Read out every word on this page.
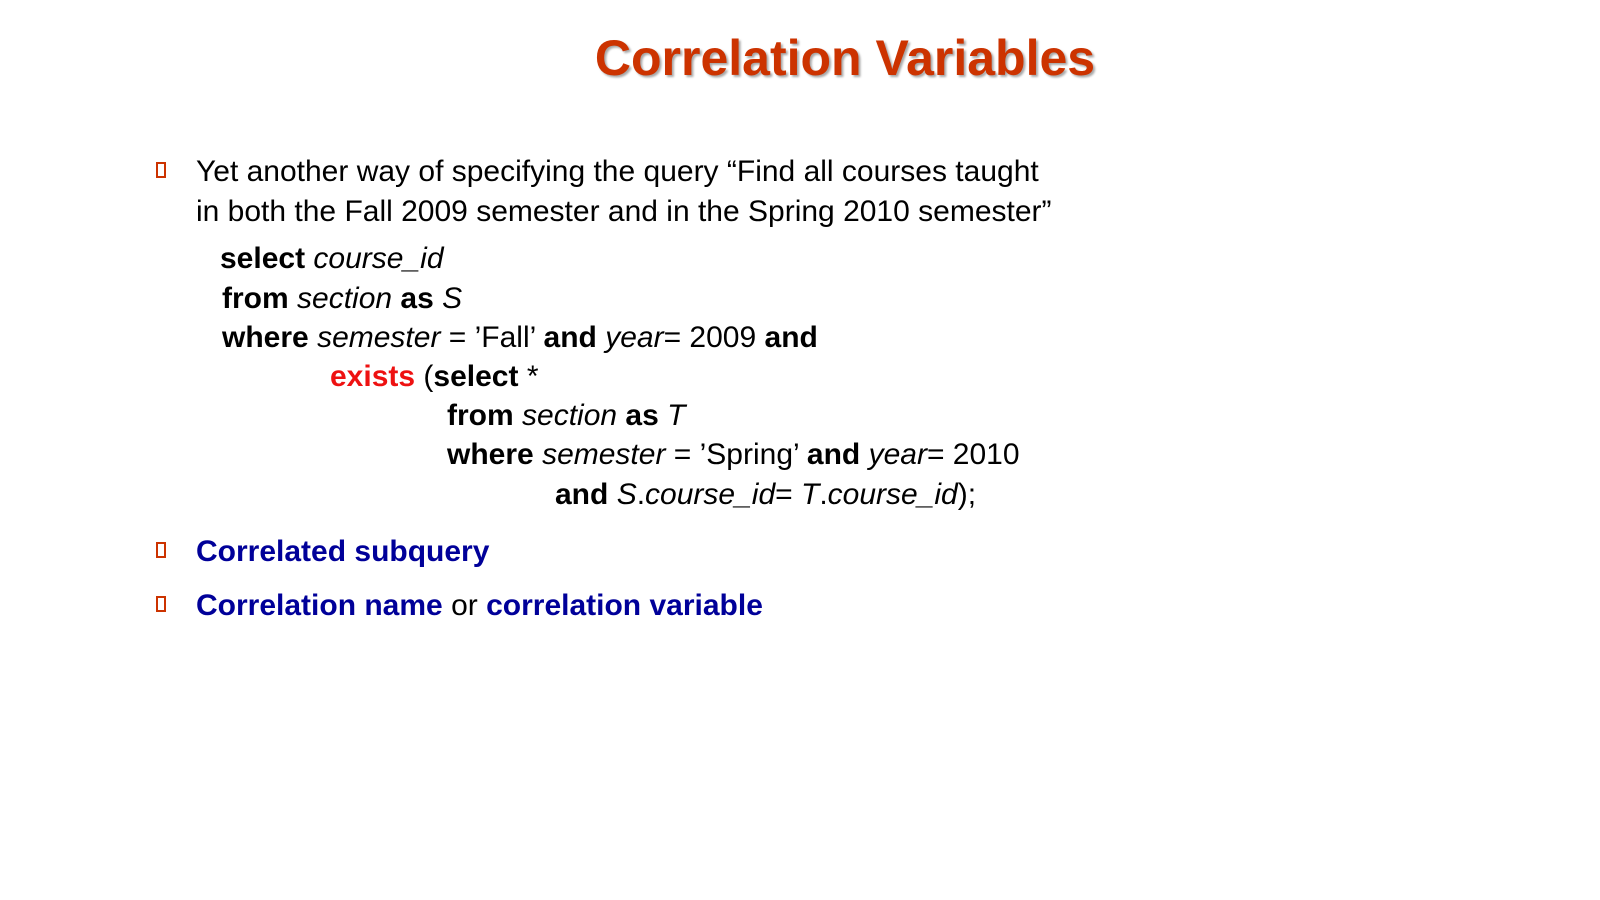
Correlation Variables
Yet another way of specifying the query “Find all courses taught
in both the Fall 2009 semester and in the Spring 2010 semester”
select course_id
from section as S
where semester = ’Fall’ and year= 2009 and
exists (select *
from section as T
where semester = ’Spring’ and year= 2010
and S.course_id= T.course_id);
Correlated subquery
Correlation name or correlation variable
